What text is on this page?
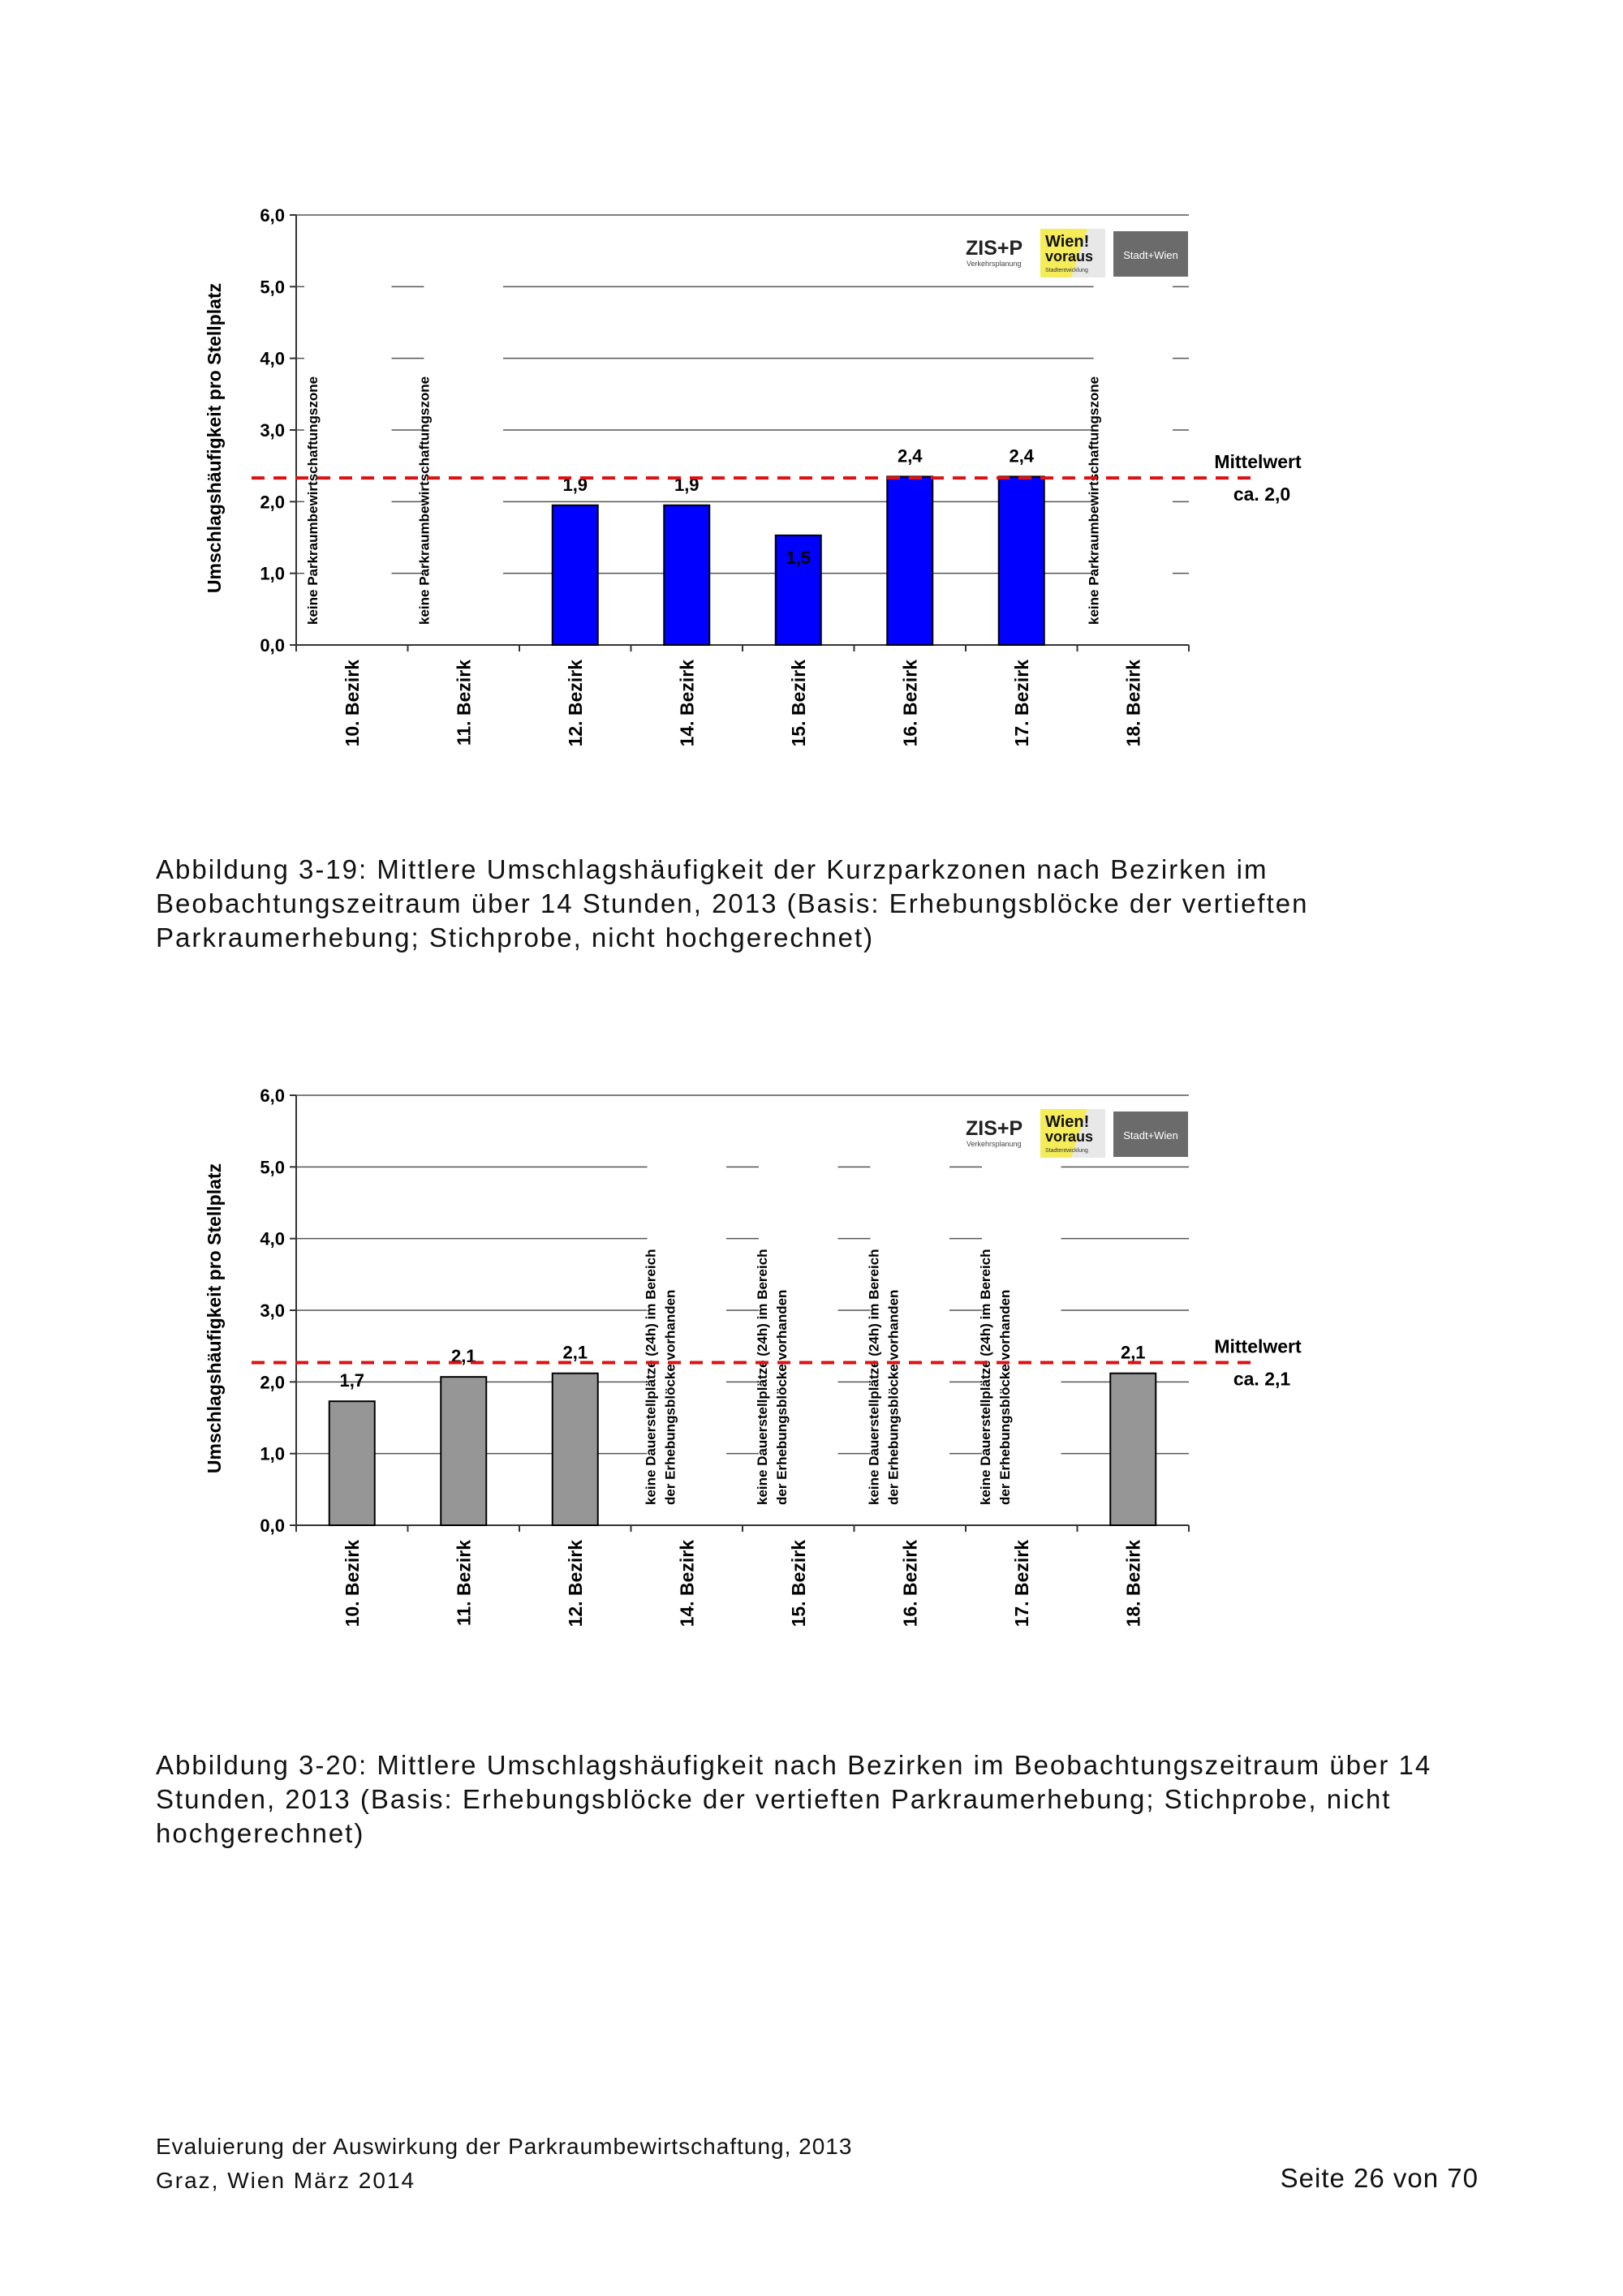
0,0
1,0
2,0
3,0
4,0
5,0
6,0
Umschlagshäufigkeit pro Stellplatz
10. Bezirk	11. Bezirk	12. Bezirk	14. Bezirk	15. Bezirk	16. Bezirk	17. Bezirk	18. Bezirk
keine Parkraumbewirtschaftungszone	keine Parkraumbewirtschaftungszone	1,9	1,9
1,5
2,4	2,4	keine Parkraumbewirtschaftungszone	Mittelwert
ca. 2,0
ZIS+P
Verkehrsplanung
Wien!
voraus
Stadtentwicklung
Stadt+Wien

Abbildung 3-19: Mittlere Umschlagshäufigkeit der Kurzparkzonen nach Bezirken im Beobachtungszeitraum über 14 Stunden, 2013 (Basis: Erhebungsblöcke der vertieften Parkraumerhebung; Stichprobe, nicht hochgerechnet)

0,0
1,0
2,0
3,0
4,0
5,0
6,0
Umschlagshäufigkeit pro Stellplatz
10. Bezirk	11. Bezirk	12. Bezirk	14. Bezirk	15. Bezirk	16. Bezirk	17. Bezirk	18. Bezirk
1,7
2,1	2,1	keine Dauerstellplätze (24h) im Bereich der Erhebungsblöcke vorhanden	keine Dauerstellplätze (24h) im Bereich der Erhebungsblöcke vorhanden	keine Dauerstellplätze (24h) im Bereich der Erhebungsblöcke vorhanden	keine Dauerstellplätze (24h) im Bereich der Erhebungsblöcke vorhanden	2,1	Mittelwert
ca. 2,1
ZIS+P
Verkehrsplanung
Wien!
voraus
Stadtentwicklung
Stadt+Wien

Abbildung 3-20: Mittlere Umschlagshäufigkeit nach Bezirken im Beobachtungszeitraum über 14 Stunden, 2013 (Basis: Erhebungsblöcke der vertieften Parkraumerhebung; Stichprobe, nicht hochgerechnet)

Evaluierung der Auswirkung der Parkraumbewirtschaftung, 2013
Graz, Wien März 2014	Seite 26 von 70
